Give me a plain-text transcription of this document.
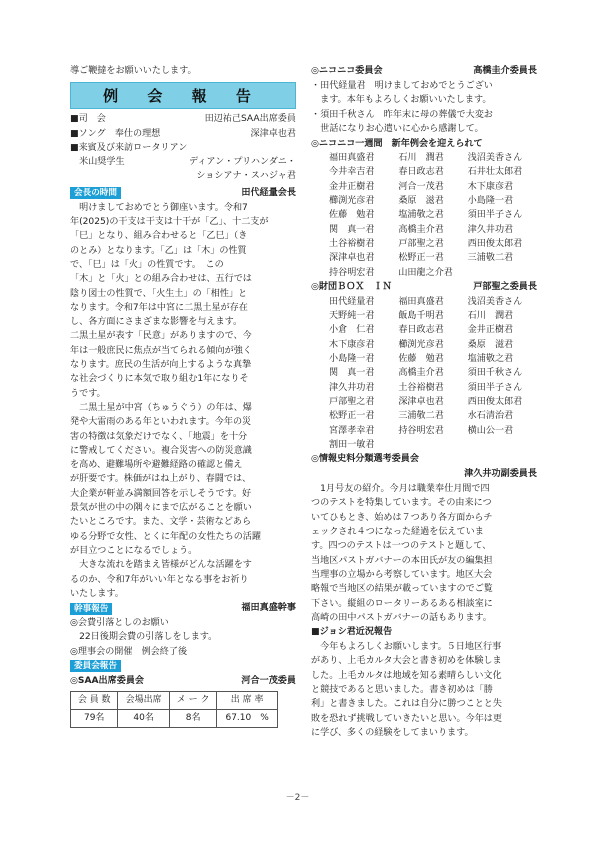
導ご鞭撻をお願いいたします。
例 会 報 告
■司　会	田辺祐己SAA出席委員
■ソング　奉仕の理想	深津卓也君
■来賓及び来訪ロータリアン
　米山奨学生	ディアン・プリハンダニ・
ショシアナ・スハジャ君
会長の時間	田代経量会長
　明けましておめでとう御座います。令和7
年(2025)の干支は干支は十干が「乙」、十二支が
「巳」となり、組み合わせると「乙巳」（き
のとみ）となります。「乙」は「木」の性質
で、「巳」は「火」の性質です。　この
「木」と「火」との組み合わせは、五行では
陰り図士の性質で、「火生土」の「相性」と
なります。令和7年は中宮に二黒土星が存在
し、各方面にさまざまな影響を与えます。
二黒土星が表す「民意」がありますので、今
年は一般庶民に焦点が当てられる傾向が強く
なります。庶民の生活が向上するような真摯
な社会づくりに本気で取り組む1年になりそ
うです。
　二黒土星が中宮（ちゅうぐう）の年は、爆
発や大雷雨のある年といわれます。今年の災
害の特徴は気象だけでなく、「地震」を十分
に警戒してください。複合災害への防災意識
を高め、避難場所や避難経路の確認と備え
が肝要です。株価がはね上がり、春闘では、
大企業が軒並み満額回答を示しそうです。好
景気が世の中の隅々にまで広がることを願い
たいところです。また、文学・芸術などあら
ゆる分野で女性、とくに年配の女性たちの活躍
が目立つことになるでしょう。
　大きな流れを踏まえ皆様がどんな活躍をす
るのか、令和7年がいい年となる事をお祈り
いたします。
幹事報告	福田真盛幹事
◎会費引落としのお願い
　22日後期会費の引落しをします。
◎理事会の開催　例会終了後
委員会報告
◎SAA出席委員会	河合一茂委員
会 員 数	会場出席	メ ー ク	出 席 率
79名	40名	8名	67.10　%
◎ニコニコ委員会	高橋圭介委員長
・田代経量君　明けましておめでとうござい
　ます。本年もよろしくお願いいたします。
・須田千秋さん　昨年末に母の葬儀で大変お
　世話になりお心遣いに心から感謝して。
◎ニコニコ一週間　新年例会を迎えられて
福田真盛君	石川　潤君	浅沼美香さん
今井幸吉君	春日政志君	石井壮太郎君
金井正樹君	河合一茂君	木下康彦君
櫛渕光彦君	桑原　滋君	小島隆一君
佐藤　勉君	塩浦敬之君	須田半子さん
関　真一君	高橋圭介君	津久井功君
土谷裕樹君	戸部聖之君	西田俊太郎君
深津卓也君	松野正一君	三浦敬二君
持谷明宏君	山田龍之介君
◎財団ＢＯＸ　ＩＮ	戸部聖之委員長
田代経量君	福田真盛君	浅沼美香さん
天野純一君	飯島千明君	石川　潤君
小倉　仁君	春日政志君	金井正樹君
木下康彦君	櫛渕光彦君	桑原　滋君
小島隆一君	佐藤　勉君	塩浦敬之君
関　真一君	高橋圭介君	須田千秋さん
津久井功君	土谷裕樹君	須田半子さん
戸部聖之君	深津卓也君	西田俊太郎君
松野正一君	三浦敬二君	水石清治君
宮澤孝幸君	持谷明宏君	横山公一君
割田一敏君
◎情報史料分類選考委員会
津久井功副委員長
　1月号友の紹介。今月は職業奉仕月間で四
つのテストを特集しています。その由来につ
いてひもとき、始めは７つあり各方面からチ
ェックされ４つになった経過を伝えていま
す。四つのテストは一つのテストと題して、
当地区パストガバナーの本田氏が友の編集担
当理事の立場から考察しています。地区大会
略報で当地区の結果が載っていますのでご覧
下さい。縦組のロータリーあるある相談室に
高崎の田中パストガバナーの話もあります。
■ジョシ君近況報告
　今年もよろしくお願いします。５日地区行事
があり、上毛カルタ大会と書き初めを体験しま
した。上毛カルタは地域を知る素晴らしい文化
と競技であると思いました。書き初めは「勝
利」と書きました。これは自分に勝つことと失
敗を恐れず挑戦していきたいと思い。今年は更
に学び、多くの経験をしてまいります。
－2－
